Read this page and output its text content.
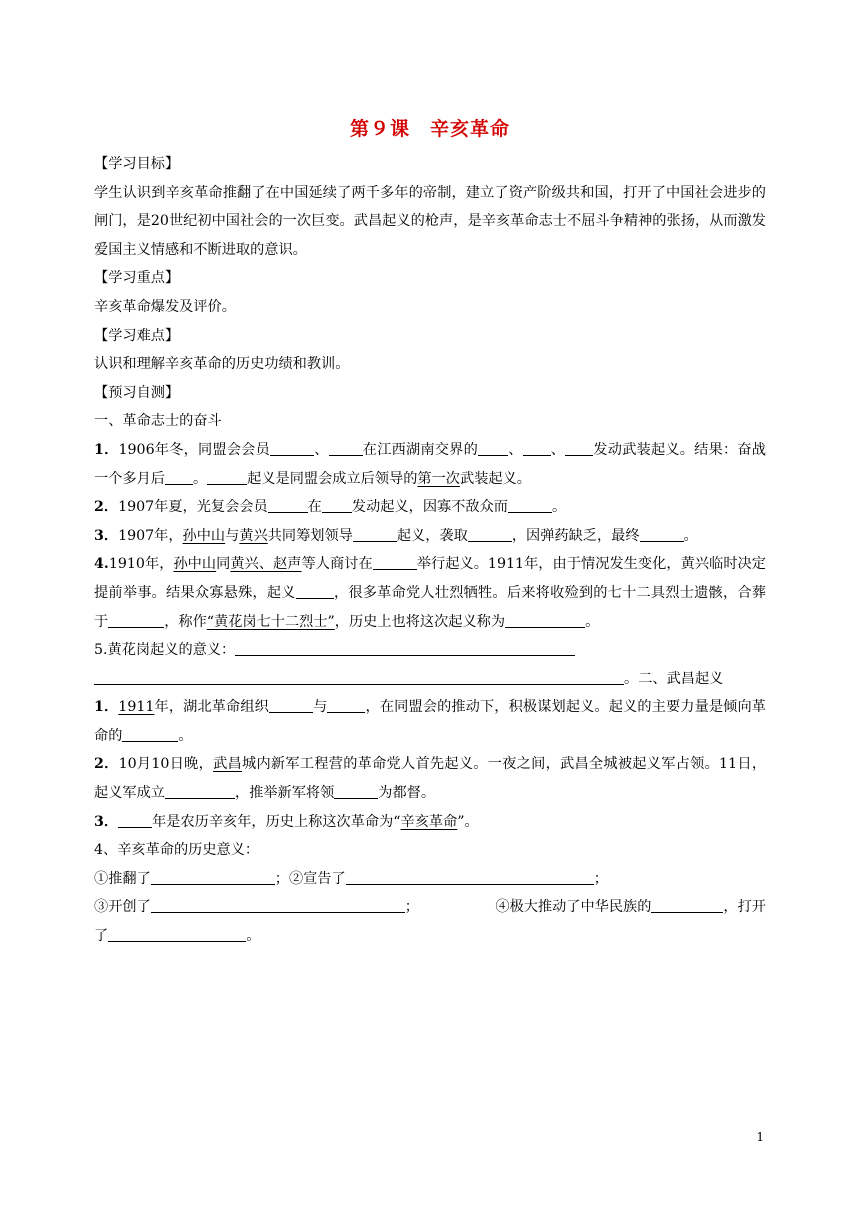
第９课 辛亥革命

【学习目标】

学生认识到辛亥革命推翻了在中国延续了两千多年的帝制，建立了资产阶级共和国，打开了中国社会进步的闸门，是20世纪初中国社会的一次巨变。武昌起义的枪声，是辛亥革命志士不屈斗争精神的张扬，从而激发爱国主义情感和不断进取的意识。

【学习重点】

辛亥革命爆发及评价。

【学习难点】

认识和理解辛亥革命的历史功绩和教训。

【预习自测】

一、革命志士的奋斗

1．1906年冬，同盟会会员	、 在江西湖南交界的 、 、 发动武装起义。结果：奋战一个多月后 。	起义是同盟会成立后领导的第一次武装起义。

2．1907年夏，光复会会员	在 发动起义，因寡不敌众而	。

3．1907年，孙中山与黄兴共同筹划领导	起义，袭取	，因弹药缺乏，最终	。

4.1910年，孙中山同黄兴、赵声等人商讨在	举行起义。1911年，由于情况发生变化，黄兴临时决定提前举事。结果众寡悬殊，起义	，很多革命党人壮烈牺牲。后来将收殓到的七十二具烈士遗骸，合葬于	，称作“黄花岗七十二烈士”，历史上也将这次起义称为	。

5.黄花岗起义的意义：

。二、武昌起义

1．1911年，湖北革命组织	与	，在同盟会的推动下，积极谋划起义。起义的主要力量是倾向革命的	。

2．10月10日晚，武昌城内新军工程营的革命党人首先起义。一夜之间，武昌全城被起义军占领。11日，起义军成立	，推举新军将领	为都督。

3． 年是农历辛亥年，历史上称这次革命为“辛亥革命”。

4、辛亥革命的历史意义：

①推翻了	；②宣告了	；

③开创了	；	④极大推动了中华民族的	，打开

了	。

1
